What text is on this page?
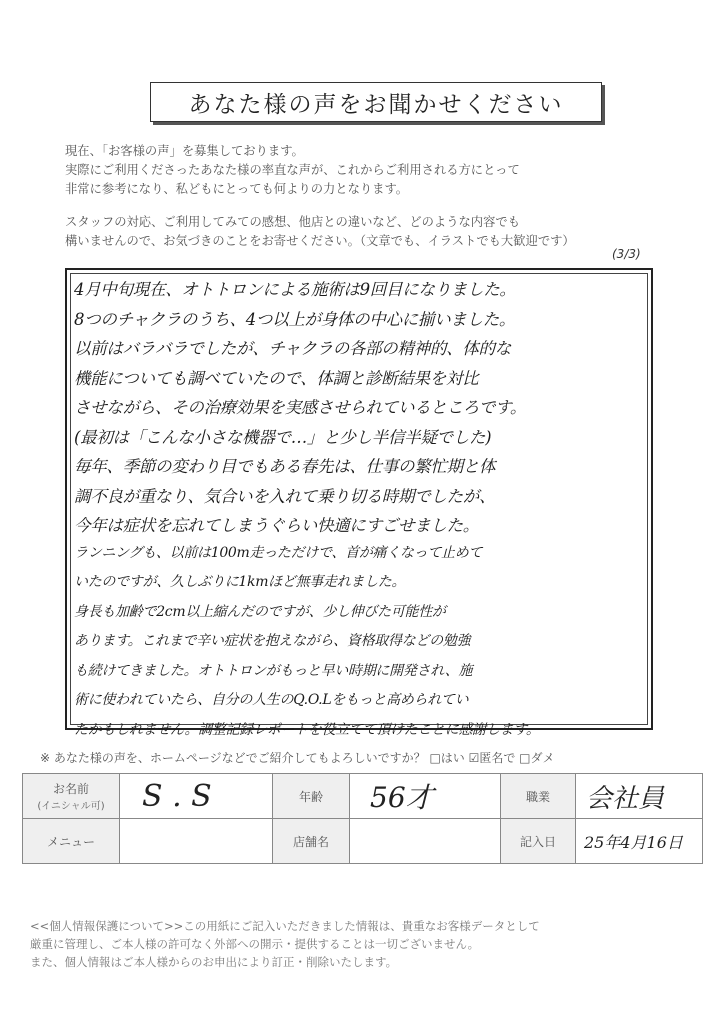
あなた様の声をお聞かせください

現在、「お客様の声」を募集しております。

実際にご利用くださったあなた様の率直な声が、これからご利用される方にとって

非常に参考になり、私どもにとっても何よりの力となります。

スタッフの対応、ご利用してみての感想、他店との違いなど、どのような内容でも

構いませんので、お気づきのことをお寄せください。（文章でも、イラストでも大歓迎です）

(3/3)
4月中旬現在、オトトロンによる施術は9回目になりました。
8つのチャクラのうち、4つ以上が身体の中心に揃いました。
以前はバラバラでしたが、チャクラの各部の精神的、体的な
機能についても調べていたので、体調と診断結果を対比
させながら、その治療効果を実感させられているところです。
(最初は「こんな小さな機器で…」と少し半信半疑でした)
毎年、季節の変わり目でもある春先は、仕事の繁忙期と体
調不良が重なり、気合いを入れて乗り切る時期でしたが、
今年は症状を忘れてしまうぐらい快適にすごせました。
ランニングも、以前は100m走っただけで、首が痛くなって止めて
いたのですが、久しぶりに1kmほど無事走れました。
身長も加齢で2cm以上縮んだのですが、少し伸びた可能性が
あります。これまで辛い症状を抱えながら、資格取得などの勉強
も続けてきました。オトトロンがもっと早い時期に開発され、施
術に使われていたら、自分の人生のQ.O.Lをもっと高められてい
たかもしれません。調整記録レポートを役立てて頂けたことに感謝します。
※ あなた様の声を、ホームページなどでご紹介してもよろしいですか？ □はい ☑匿名で □ダメ
お名前
(イニシャル可)	S . S	年齢	56才	職業	会社員
メニュー		店舗名		記入日	25年4月16日

<<個人情報保護について>>この用紙にご記入いただきました情報は、貴重なお客様データとして

厳重に管理し、ご本人様の許可なく外部への開示・提供することは一切ございません。

また、個人情報はご本人様からのお申出により訂正・削除いたします。
